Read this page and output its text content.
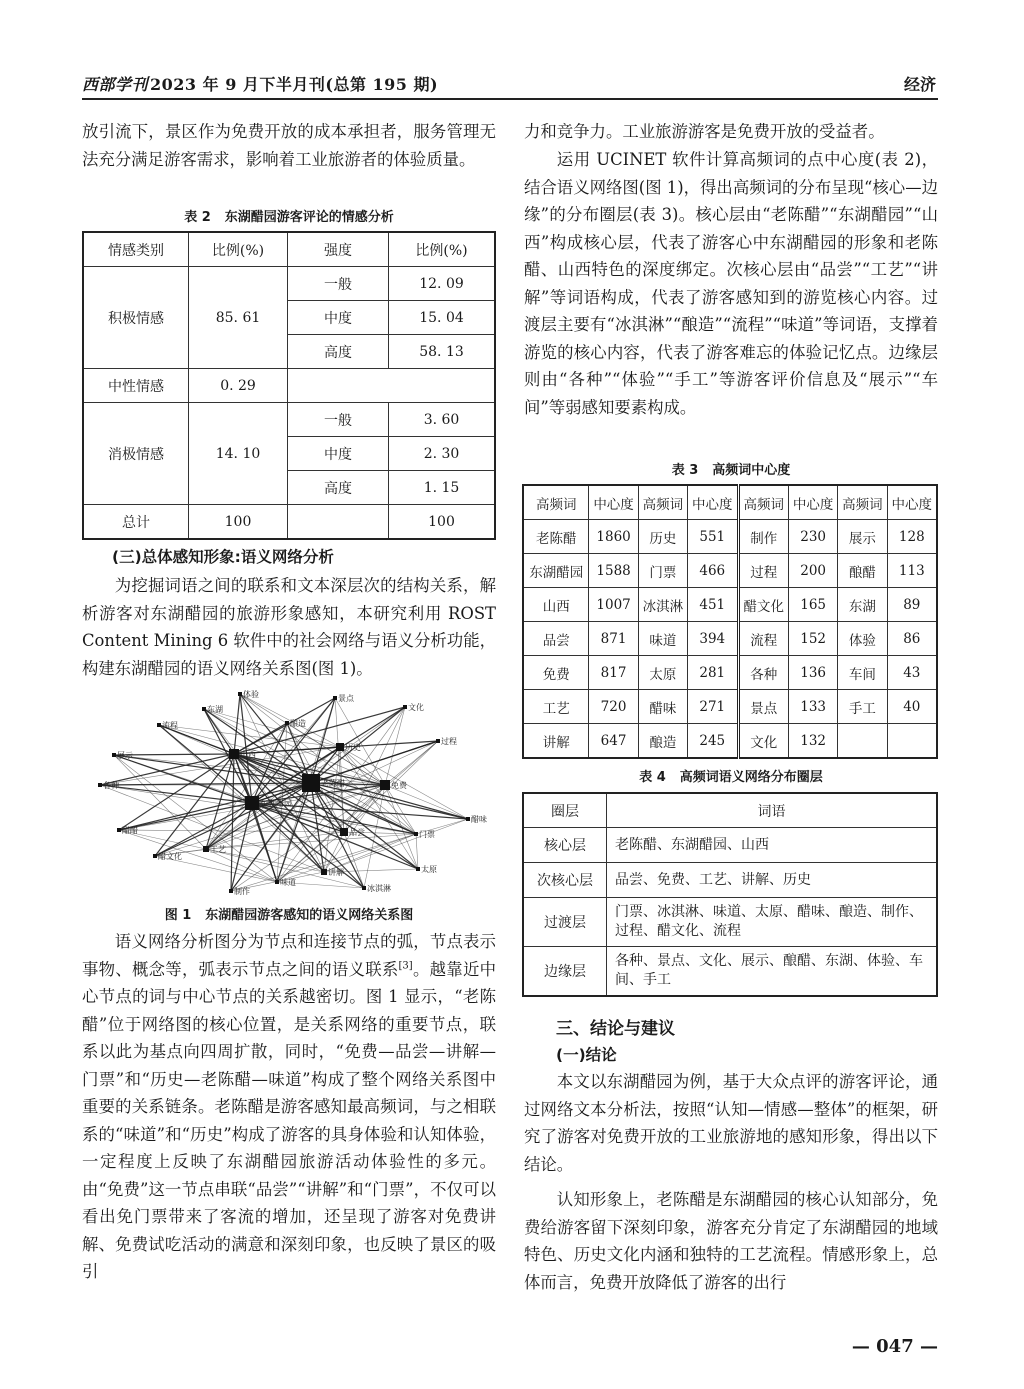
西部学刊 2023 年 9 月下半月刊(总第 195 期)	经济

放引流下，景区作为免费开放的成本承担者，服务管理无法充分满足游客需求，影响着工业旅游者的体验质量。

表 2 东湖醋园游客评论的情感分析
情感类别	比例(%)	强度	比例(%)
积极情感	85. 61	一般	12. 09
		中度	15. 04
		高度	58. 13
中性情感	0. 29		
消极情感	14. 10	一般	3. 60
		中度	2. 30
		高度	1. 15
总计	100		100
(三)总体感知形象:语义网络分析

为挖掘词语之间的联系和文本深层次的结构关系，解析游客对东湖醋园的旅游形象感知，本研究利用 ROST Content Mining 6 软件中的社会网络与语义分析功能，构建东湖醋园的语义网络关系图(图 1)。

体验	景点
东湖	文化
流程	酿造
历史
过程
山西
展示
各种	老陈醋	免费
东湖醋园
醋味
醋醋	品尝	门票
工艺
醋文化
太原
味道
讲解
冰淇淋
制作
图 1 东湖醋园游客感知的语义网络关系图

语义网络分析图分为节点和连接节点的弧，节点表示事物、概念等，弧表示节点之间的语义联系[3]。越靠近中心节点的词与中心节点的关系越密切。图 1 显示，“老陈醋”位于网络图的核心位置，是关系网络的重要节点，联系以此为基点向四周扩散，同时，“免费—品尝—讲解—门票”和“历史—老陈醋—味道”构成了整个网络关系图中重要的关系链条。老陈醋是游客感知最高频词，与之相联系的“味道”和“历史”构成了游客的具身体验和认知体验，一定程度上反映了东湖醋园旅游活动体验性的多元。由“免费”这一节点串联“品尝”“讲解”和“门票”，不仅可以看出免门票带来了客流的增加，还呈现了游客对免费讲解、免费试吃活动的满意和深刻印象，也反映了景区的吸引

力和竞争力。工业旅游游客是免费开放的受益者。

运用 UCINET 软件计算高频词的点中心度(表 2)，结合语义网络图(图 1)，得出高频词的分布呈现“核心—边缘”的分布圈层(表 3)。核心层由“老陈醋”“东湖醋园”“山西”构成核心层，代表了游客心中东湖醋园的形象和老陈醋、山西特色的深度绑定。次核心层由“品尝”“工艺”“讲解”等词语构成，代表了游客感知到的游览核心内容。过渡层主要有“冰淇淋”“酿造”“流程”“味道”等词语，支撑着游览的核心内容，代表了游客难忘的体验记忆点。边缘层则由“各种”“体验”“手工”等游客评价信息及“展示”“车间”等弱感知要素构成。

表 3 高频词中心度
高频词	中心度	高频词	中心度	高频词	中心度	高频词	中心度
老陈醋	1860	历史	551	制作	230	展示	128
东湖醋园	1588	门票	466	过程	200	酿醋	113
山西	1007	冰淇淋	451	醋文化	165	东湖	89
品尝	871	味道	394	流程	152	体验	86
免费	817	太原	281	各种	136	车间	43
工艺	720	醋味	271	景点	133	手工	40
讲解	647	酿造	245	文化	132		
表 4 高频词语义网络分布圈层
圈层	词语
核心层	老陈醋、东湖醋园、山西
次核心层	品尝、免费、工艺、讲解、历史
过渡层	门票、冰淇淋、味道、太原、醋味、酿造、制作、过程、醋文化、流程
边缘层	各种、景点、文化、展示、酿醋、东湖、体验、车间、手工
三、结论与建议
(一)结论

本文以东湖醋园为例，基于大众点评的游客评论，通过网络文本分析法，按照“认知—情感—整体”的框架，研究了游客对免费开放的工业旅游地的感知形象，得出以下结论。

认知形象上，老陈醋是东湖醋园的核心认知部分，免费给游客留下深刻印象，游客充分肯定了东湖醋园的地域特色、历史文化内涵和独特的工艺流程。情感形象上，总体而言，免费开放降低了游客的出行

— 047 —
